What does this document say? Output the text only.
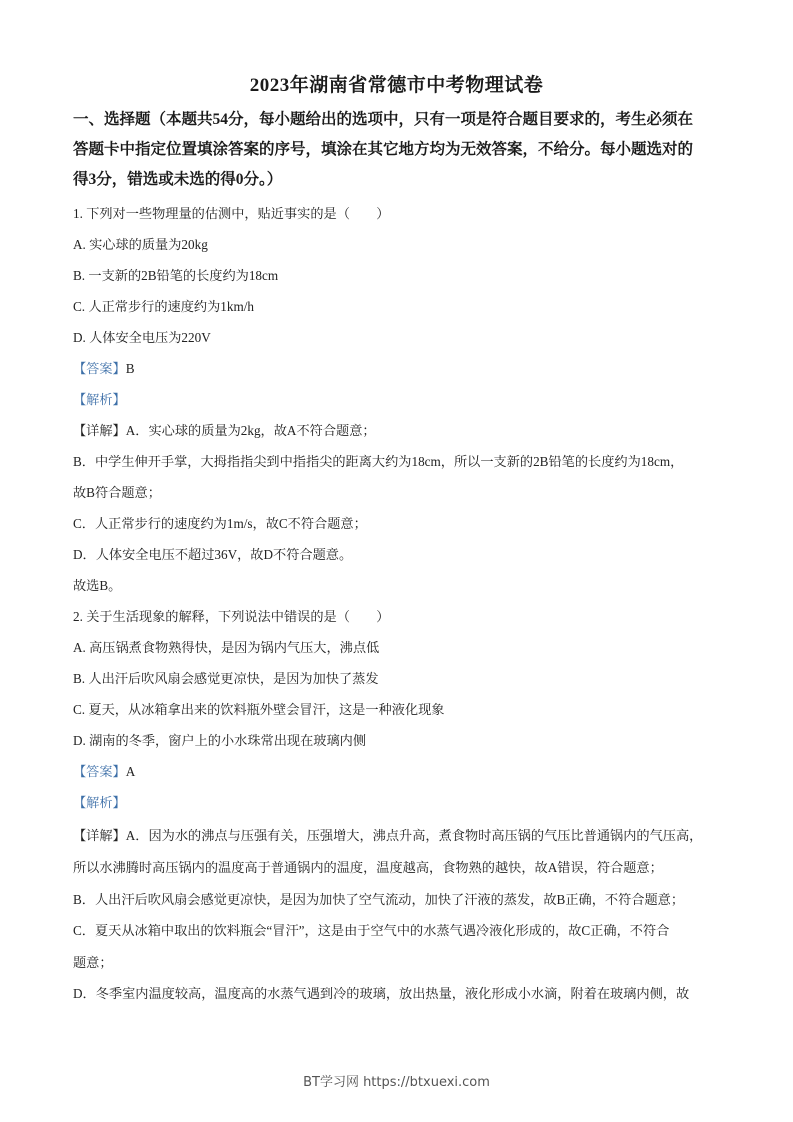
2023年湖南省常德市中考物理试卷
一、选择题（本题共54分，每小题给出的选项中，只有一项是符合题目要求的，考生必须在
答题卡中指定位置填涂答案的序号，填涂在其它地方均为无效答案，不给分。每小题选对的
得3分，错选或未选的得0分。）
1. 下列对一些物理量的估测中，贴近事实的是（　　）
A. 实心球的质量为20kg
B. 一支新的2B铅笔的长度约为18cm
C. 人正常步行的速度约为1km/h
D. 人体安全电压为220V
【答案】B
【解析】
【详解】A．实心球的质量为2kg，故A不符合题意；
B．中学生伸开手掌，大拇指指尖到中指指尖的距离大约为18cm，所以一支新的2B铅笔的长度约为18cm，
故B符合题意；
C．人正常步行的速度约为1m/s，故C不符合题意；
D．人体安全电压不超过36V，故D不符合题意。
故选B。
2. 关于生活现象的解释，下列说法中错误的是（　　）
A. 高压锅煮食物熟得快，是因为锅内气压大，沸点低
B. 人出汗后吹风扇会感觉更凉快，是因为加快了蒸发
C. 夏天，从冰箱拿出来的饮料瓶外壁会冒汗，这是一种液化现象
D. 湖南的冬季，窗户上的小水珠常出现在玻璃内侧
【答案】A
【解析】
【详解】A．因为水的沸点与压强有关，压强增大，沸点升高，煮食物时高压锅的气压比普通锅内的气压高，
所以水沸腾时高压锅内的温度高于普通锅内的温度，温度越高，食物熟的越快，故A错误，符合题意；
B．人出汗后吹风扇会感觉更凉快，是因为加快了空气流动，加快了汗液的蒸发，故B正确，不符合题意；
C．夏天从冰箱中取出的饮料瓶会“冒汗”，这是由于空气中的水蒸气遇冷液化形成的，故C正确，不符合
题意；
D．冬季室内温度较高，温度高的水蒸气遇到冷的玻璃，放出热量，液化形成小水滴，附着在玻璃内侧，故
BT学习网 https://btxuexi.com
